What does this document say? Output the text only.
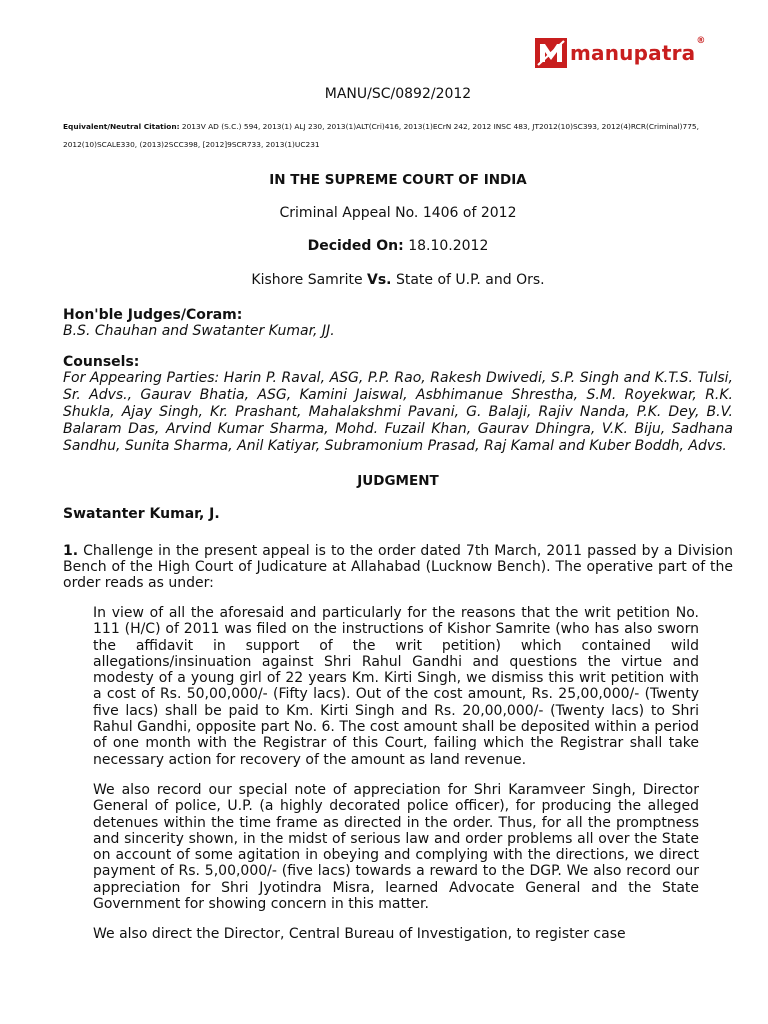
manupatra ®

MANU/SC/0892/2012

Equivalent/Neutral Citation: 2013V AD (S.C.) 594, 2013(1) ALJ 230, 2013(1)ALT(Cri)416, 2013(1)ECrN 242, 2012 INSC 483, JT2012(10)SC393, 2012(4)RCR(Criminal)775, 2012(10)SCALE330, (2013)2SCC398, [2012]9SCR733, 2013(1)UC231

IN THE SUPREME COURT OF INDIA

Criminal Appeal No. 1406 of 2012

Decided On: 18.10.2012

Kishore Samrite Vs. State of U.P. and Ors.

Hon'ble Judges/Coram:

B.S. Chauhan and Swatanter Kumar, JJ.

Counsels:

For Appearing Parties: Harin P. Raval, ASG, P.P. Rao, Rakesh Dwivedi, S.P. Singh and K.T.S. Tulsi, Sr. Advs., Gaurav Bhatia, ASG, Kamini Jaiswal, Asbhimanue Shrestha, S.M. Royekwar, R.K. Shukla, Ajay Singh, Kr. Prashant, Mahalakshmi Pavani, G. Balaji, Rajiv Nanda, P.K. Dey, B.V. Balaram Das, Arvind Kumar Sharma, Mohd. Fuzail Khan, Gaurav Dhingra, V.K. Biju, Sadhana Sandhu, Sunita Sharma, Anil Katiyar, Subramonium Prasad, Raj Kamal and Kuber Boddh, Advs.

JUDGMENT

Swatanter Kumar, J.

1. Challenge in the present appeal is to the order dated 7th March, 2011 passed by a Division Bench of the High Court of Judicature at Allahabad (Lucknow Bench). The operative part of the order reads as under:

In view of all the aforesaid and particularly for the reasons that the writ petition No. 111 (H/C) of 2011 was filed on the instructions of Kishor Samrite (who has also sworn the affidavit in support of the writ petition) which contained wild allegations/insinuation against Shri Rahul Gandhi and questions the virtue and modesty of a young girl of 22 years Km. Kirti Singh, we dismiss this writ petition with a cost of Rs. 50,00,000/- (Fifty lacs). Out of the cost amount, Rs. 25,00,000/- (Twenty five lacs) shall be paid to Km. Kirti Singh and Rs. 20,00,000/- (Twenty lacs) to Shri Rahul Gandhi, opposite part No. 6. The cost amount shall be deposited within a period of one month with the Registrar of this Court, failing which the Registrar shall take necessary action for recovery of the amount as land revenue.

We also record our special note of appreciation for Shri Karamveer Singh, Director General of police, U.P. (a highly decorated police officer), for producing the alleged detenues within the time frame as directed in the order. Thus, for all the promptness and sincerity shown, in the midst of serious law and order problems all over the State on account of some agitation in obeying and complying with the directions, we direct payment of Rs. 5,00,000/- (five lacs) towards a reward to the DGP. We also record our appreciation for Shri Jyotindra Misra, learned Advocate General and the State Government for showing concern in this matter.

We also direct the Director, Central Bureau of Investigation, to register case
